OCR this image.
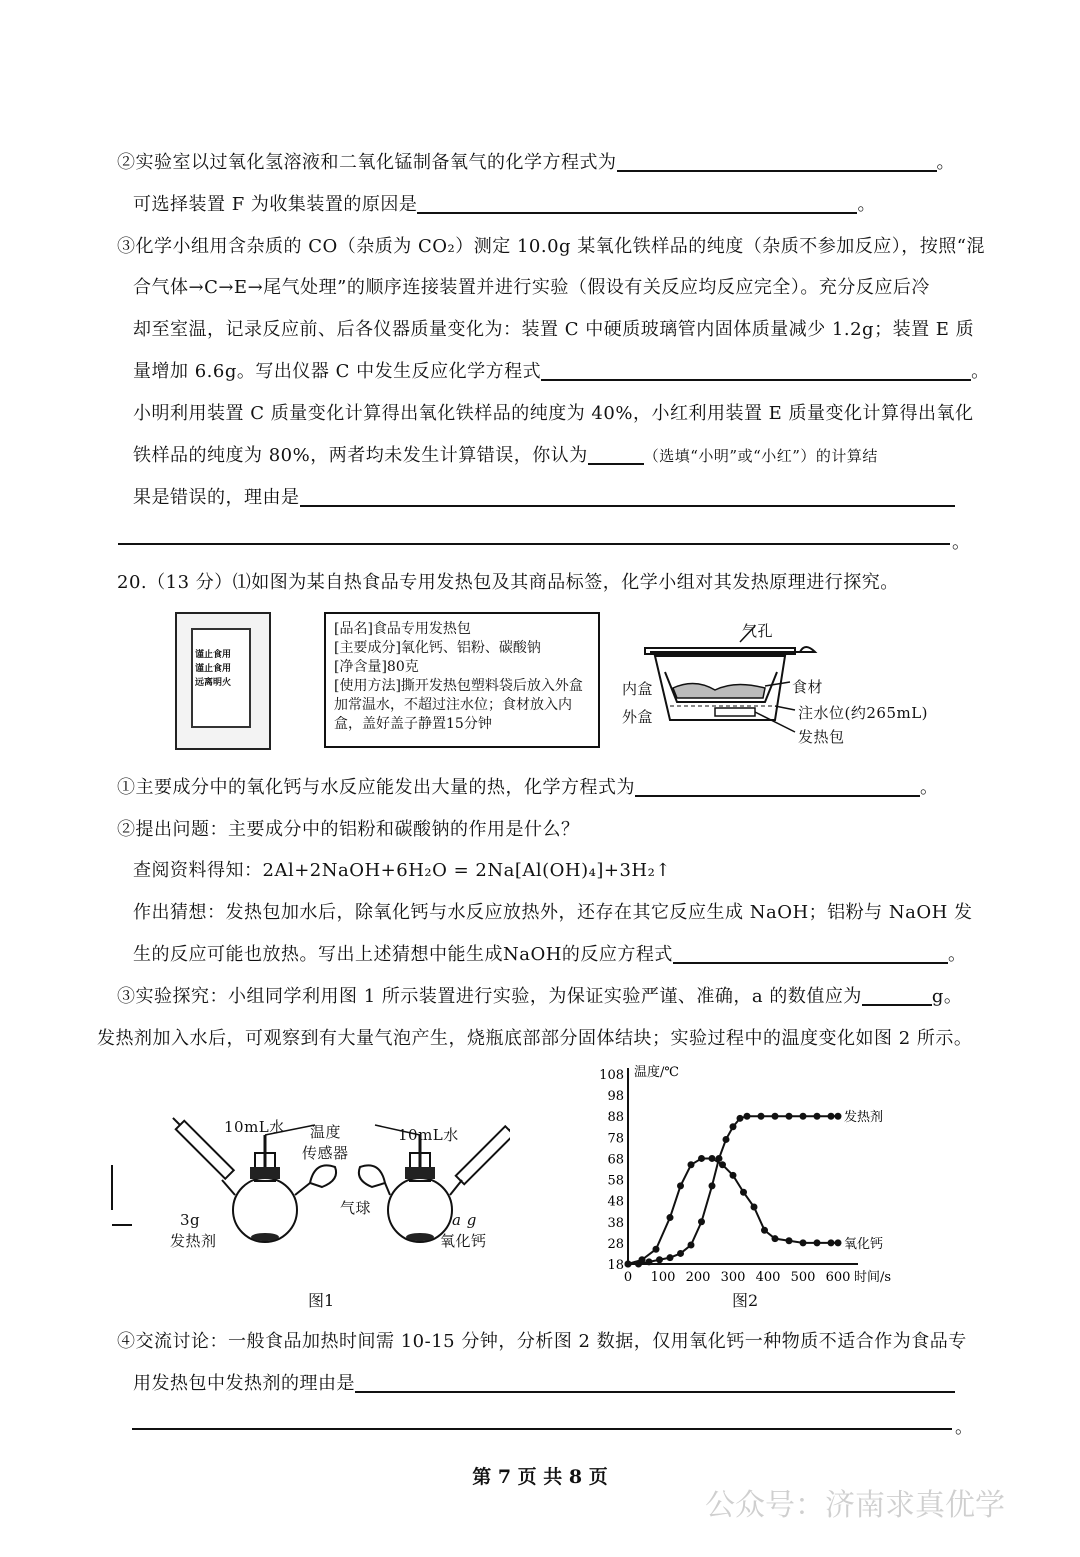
②实验室以过氧化氢溶液和二氧化锰制备氧气的化学方程式为	。
可选择装置 F 为收集装置的原因是	。
③化学小组用含杂质的 CO（杂质为 CO₂）测定 10.0g 某氧化铁样品的纯度（杂质不参加反应），按照“混
合气体→C→E→尾气处理”的顺序连接装置并进行实验（假设有关反应均反应完全）。充分反应后冷
却至室温，记录反应前、后各仪器质量变化为：装置 C 中硬质玻璃管内固体质量减少 1.2g；装置 E 质
量增加 6.6g。写出仪器 C 中发生反应化学方程式	。
小明利用装置 C 质量变化计算得出氧化铁样品的纯度为 40%，小红利用装置 E 质量变化计算得出氧化
铁样品的纯度为 80%，两者均未发生计算错误，你认为	（选填“小明”或“小红”）的计算结
果是错误的，理由是
。
20.（13 分）⑴如图为某自热食品专用发热包及其商品标签，化学小组对其发热原理进行探究。
谨止食用
谨止食用
远离明火
[品名]食品专用发热包
[主要成分]氧化钙、铝粉、碳酸钠
[净含量]80克
[使用方法]撕开发热包塑料袋后放入外盒加常温水，不超过注水位；食材放入内盒，盖好盖子静置15分钟
气孔
内盒
外盒
食材
注水位(约265mL)
发热包
①主要成分中的氧化钙与水反应能发出大量的热，化学方程式为	。
②提出问题：主要成分中的铝粉和碳酸钠的作用是什么？
查阅资料得知：2Al+2NaOH+6H₂O = 2Na[Al(OH)₄]+3H₂↑
作出猜想：发热包加水后，除氧化钙与水反应放热外，还存在其它反应生成 NaOH；铝粉与 NaOH 发
生的反应可能也放热。写出上述猜想中能生成NaOH的反应方程式	。
③实验探究：小组同学利用图 1 所示装置进行实验，为保证实验严谨、准确，a 的数值应为	g。
发热剂加入水后，可观察到有大量气泡产生，烧瓶底部部分固体结块；实验过程中的温度变化如图 2 所示。
10mL水	10mL水
温度
传感器
气球
3g
发热剂
a g
氧化钙
图1
18
28
38
48
58
68
78
88
98
108
0 100 200 300 400 500 600
温度/℃
时间/s
发热剂
氧化钙
图2
④交流讨论：一般食品加热时间需 10-15 分钟，分析图 2 数据，仅用氧化钙一种物质不适合作为食品专
用发热包中发热剂的理由是
。
第 7 页 共 8 页
公众号：济南求真优学
